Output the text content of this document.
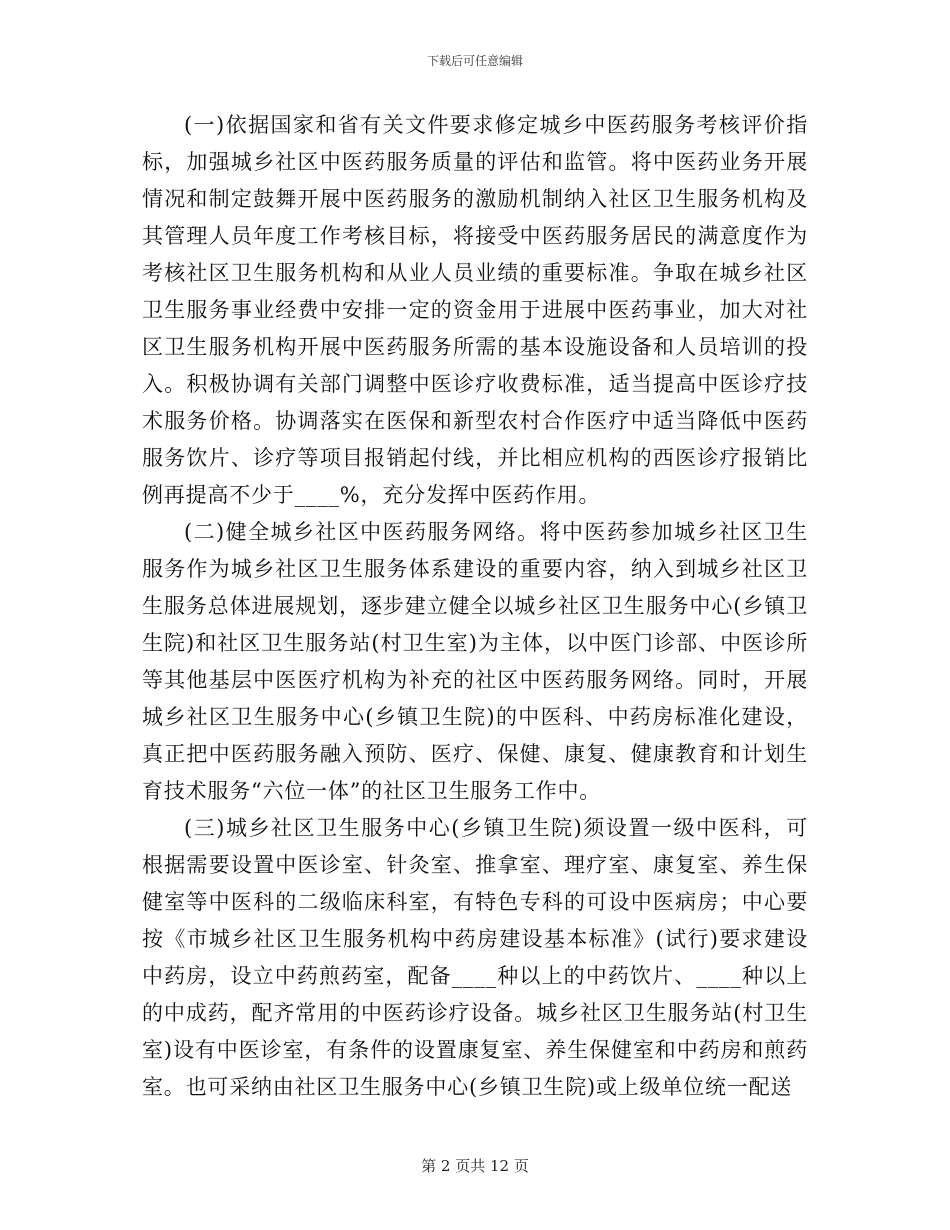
下载后可任意编辑

(一)依据国家和省有关文件要求修定城乡中医药服务考核评价指标，加强城乡社区中医药服务质量的评估和监管。将中医药业务开展情况和制定鼓舞开展中医药服务的激励机制纳入社区卫生服务机构及其管理人员年度工作考核目标，将接受中医药服务居民的满意度作为考核社区卫生服务机构和从业人员业绩的重要标准。争取在城乡社区卫生服务事业经费中安排一定的资金用于进展中医药事业，加大对社区卫生服务机构开展中医药服务所需的基本设施设备和人员培训的投入。积极协调有关部门调整中医诊疗收费标准，适当提高中医诊疗技术服务价格。协调落实在医保和新型农村合作医疗中适当降低中医药服务饮片、诊疗等项目报销起付线，并比相应机构的西医诊疗报销比例再提高不少于____%，充分发挥中医药作用。

(二)健全城乡社区中医药服务网络。将中医药参加城乡社区卫生服务作为城乡社区卫生服务体系建设的重要内容，纳入到城乡社区卫生服务总体进展规划，逐步建立健全以城乡社区卫生服务中心(乡镇卫生院)和社区卫生服务站(村卫生室)为主体，以中医门诊部、中医诊所等其他基层中医医疗机构为补充的社区中医药服务网络。同时，开展城乡社区卫生服务中心(乡镇卫生院)的中医科、中药房标准化建设，真正把中医药服务融入预防、医疗、保健、康复、健康教育和计划生育技术服务“六位一体”的社区卫生服务工作中。

(三)城乡社区卫生服务中心(乡镇卫生院)须设置一级中医科，可根据需要设置中医诊室、针灸室、推拿室、理疗室、康复室、养生保健室等中医科的二级临床科室，有特色专科的可设中医病房；中心要按《市城乡社区卫生服务机构中药房建设基本标准》(试行)要求建设中药房，设立中药煎药室，配备____种以上的中药饮片、____种以上的中成药，配齐常用的中医药诊疗设备。城乡社区卫生服务站(村卫生室)设有中医诊室，有条件的设置康复室、养生保健室和中药房和煎药室。也可采纳由社区卫生服务中心(乡镇卫生院)或上级单位统一配送

第 2 页共 12 页
